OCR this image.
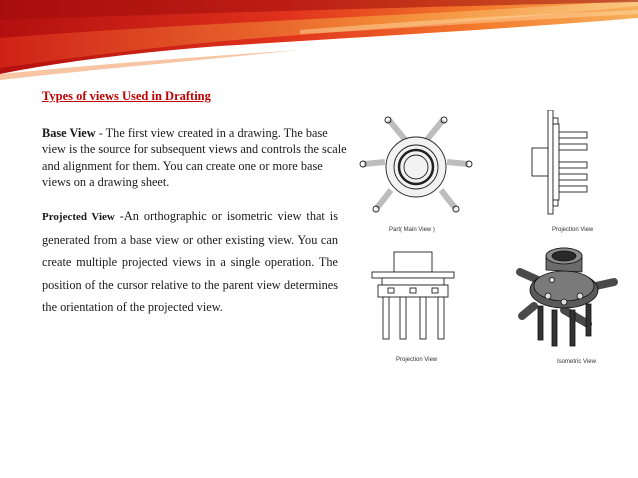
Types of views Used in Drafting
Base View - The first view created in a drawing. The base view is the source for subsequent views and controls the scale and alignment for them. You can create one or more base views on a drawing sheet.
Projected View -An orthographic or isometric view that is generated from a base view or other existing view. You can create multiple projected views in a single operation. The position of the cursor relative to the parent view determines the orientation of the projected view.
Part( Main View )	Projection View
Projection View	Isometric View
